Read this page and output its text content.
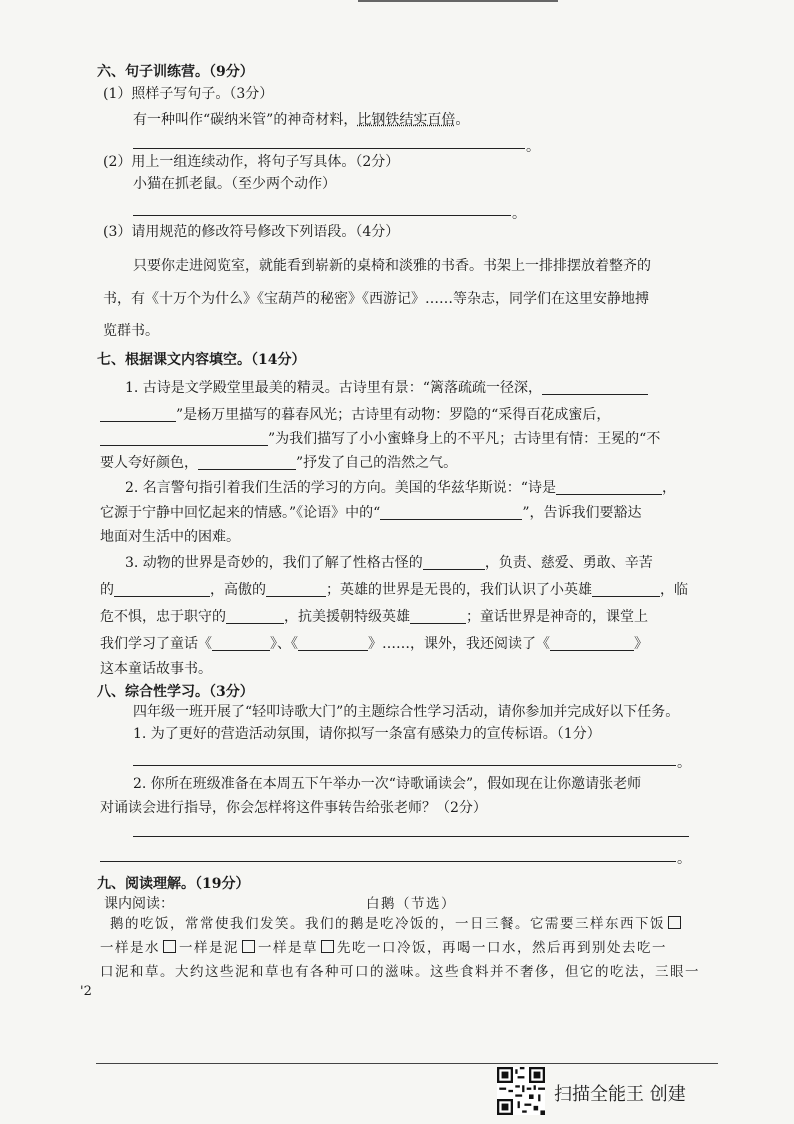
六、句子训练营。（9分）
(1）照样子写句子。（3分）
有一种叫作“碳纳米管”的神奇材料，比钢铁结实百倍。
。
(2）用上一组连续动作，将句子写具体。（2分）
小猫在抓老鼠。（至少两个动作）
。
(3）请用规范的修改符号修改下列语段。（4分）
只要你走进阅览室，就能看到崭新的桌椅和淡雅的书香。书架上一排排摆放着整齐的
书，有《十万个为什么》《宝葫芦的秘密》《西游记》……等杂志，同学们在这里安静地搏
览群书。
七、根据课文内容填空。（14分）
1. 古诗是文学殿堂里最美的精灵。古诗里有景：“篱落疏疏一径深，
”是杨万里描写的暮春风光；古诗里有动物：罗隐的“采得百花成蜜后，
”为我们描写了小小蜜蜂身上的不平凡；古诗里有情：王冕的“不
要人夸好颜色，	”抒发了自己的浩然之气。
2. 名言警句指引着我们生活的学习的方向。美国的华兹华斯说：“诗是	，
它源于宁静中回忆起来的情感。”《论语》中的“	”，告诉我们要豁达
地面对生活中的困难。
3. 动物的世界是奇妙的，我们了解了性格古怪的	，负责、慈爱、勇敢、辛苦
的	，高傲的	；英雄的世界是无畏的，我们认识了小英雄	，临
危不惧，忠于职守的	，抗美援朝特级英雄	；童话世界是神奇的，课堂上
我们学习了童话《	》、《	》……，课外，我还阅读了《	》
这本童话故事书。
八、综合性学习。（3分）
四年级一班开展了“轻叩诗歌大门”的主题综合性学习活动，请你参加并完成好以下任务。
1. 为了更好的营造活动氛围，请你拟写一条富有感染力的宣传标语。（1分）
。
2. 你所在班级准备在本周五下午举办一次“诗歌诵读会”，假如现在让你邀请张老师
对诵读会进行指导，你会怎样将这件事转告给张老师？（2分）
。
九、阅读理解。（19分）
课内阅读：	白鹅（节选）
鹅的吃饭，常常使我们发笑。我们的鹅是吃冷饭的，一日三餐。它需要三样东西下饭
一样是水 一样是泥 一样是草 先吃一口冷饭，再喝一口水，然后再到别处去吃一
口泥和草。大约这些泥和草也有各种可口的滋味。这些食料并不奢侈，但它的吃法，三眼一
'2
扫描全能王 创建
